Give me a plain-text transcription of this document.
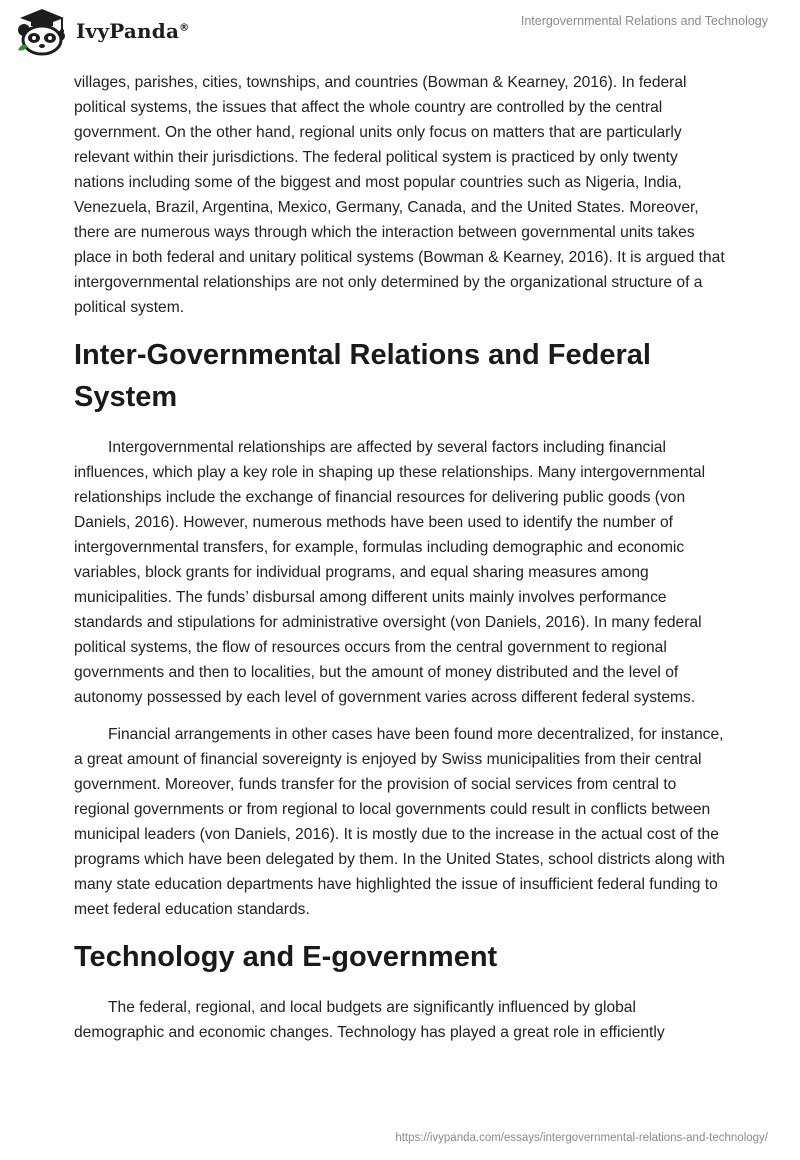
IvyPanda®	Intergovernmental Relations and Technology

villages, parishes, cities, townships, and countries (Bowman & Kearney, 2016). In federal political systems, the issues that affect the whole country are controlled by the central government. On the other hand, regional units only focus on matters that are particularly relevant within their jurisdictions. The federal political system is practiced by only twenty nations including some of the biggest and most popular countries such as Nigeria, India, Venezuela, Brazil, Argentina, Mexico, Germany, Canada, and the United States. Moreover, there are numerous ways through which the interaction between governmental units takes place in both federal and unitary political systems (Bowman & Kearney, 2016). It is argued that intergovernmental relationships are not only determined by the organizational structure of a political system.

Inter-Governmental Relations and Federal System

Intergovernmental relationships are affected by several factors including financial influences, which play a key role in shaping up these relationships. Many intergovernmental relationships include the exchange of financial resources for delivering public goods (von Daniels, 2016). However, numerous methods have been used to identify the number of intergovernmental transfers, for example, formulas including demographic and economic variables, block grants for individual programs, and equal sharing measures among municipalities. The funds’ disbursal among different units mainly involves performance standards and stipulations for administrative oversight (von Daniels, 2016). In many federal political systems, the flow of resources occurs from the central government to regional governments and then to localities, but the amount of money distributed and the level of autonomy possessed by each level of government varies across different federal systems.

Financial arrangements in other cases have been found more decentralized, for instance, a great amount of financial sovereignty is enjoyed by Swiss municipalities from their central government. Moreover, funds transfer for the provision of social services from central to regional governments or from regional to local governments could result in conflicts between municipal leaders (von Daniels, 2016). It is mostly due to the increase in the actual cost of the programs which have been delegated by them. In the United States, school districts along with many state education departments have highlighted the issue of insufficient federal funding to meet federal education standards.

Technology and E-government

The federal, regional, and local budgets are significantly influenced by global demographic and economic changes. Technology has played a great role in efficiently

https://ivypanda.com/essays/intergovernmental-relations-and-technology/
